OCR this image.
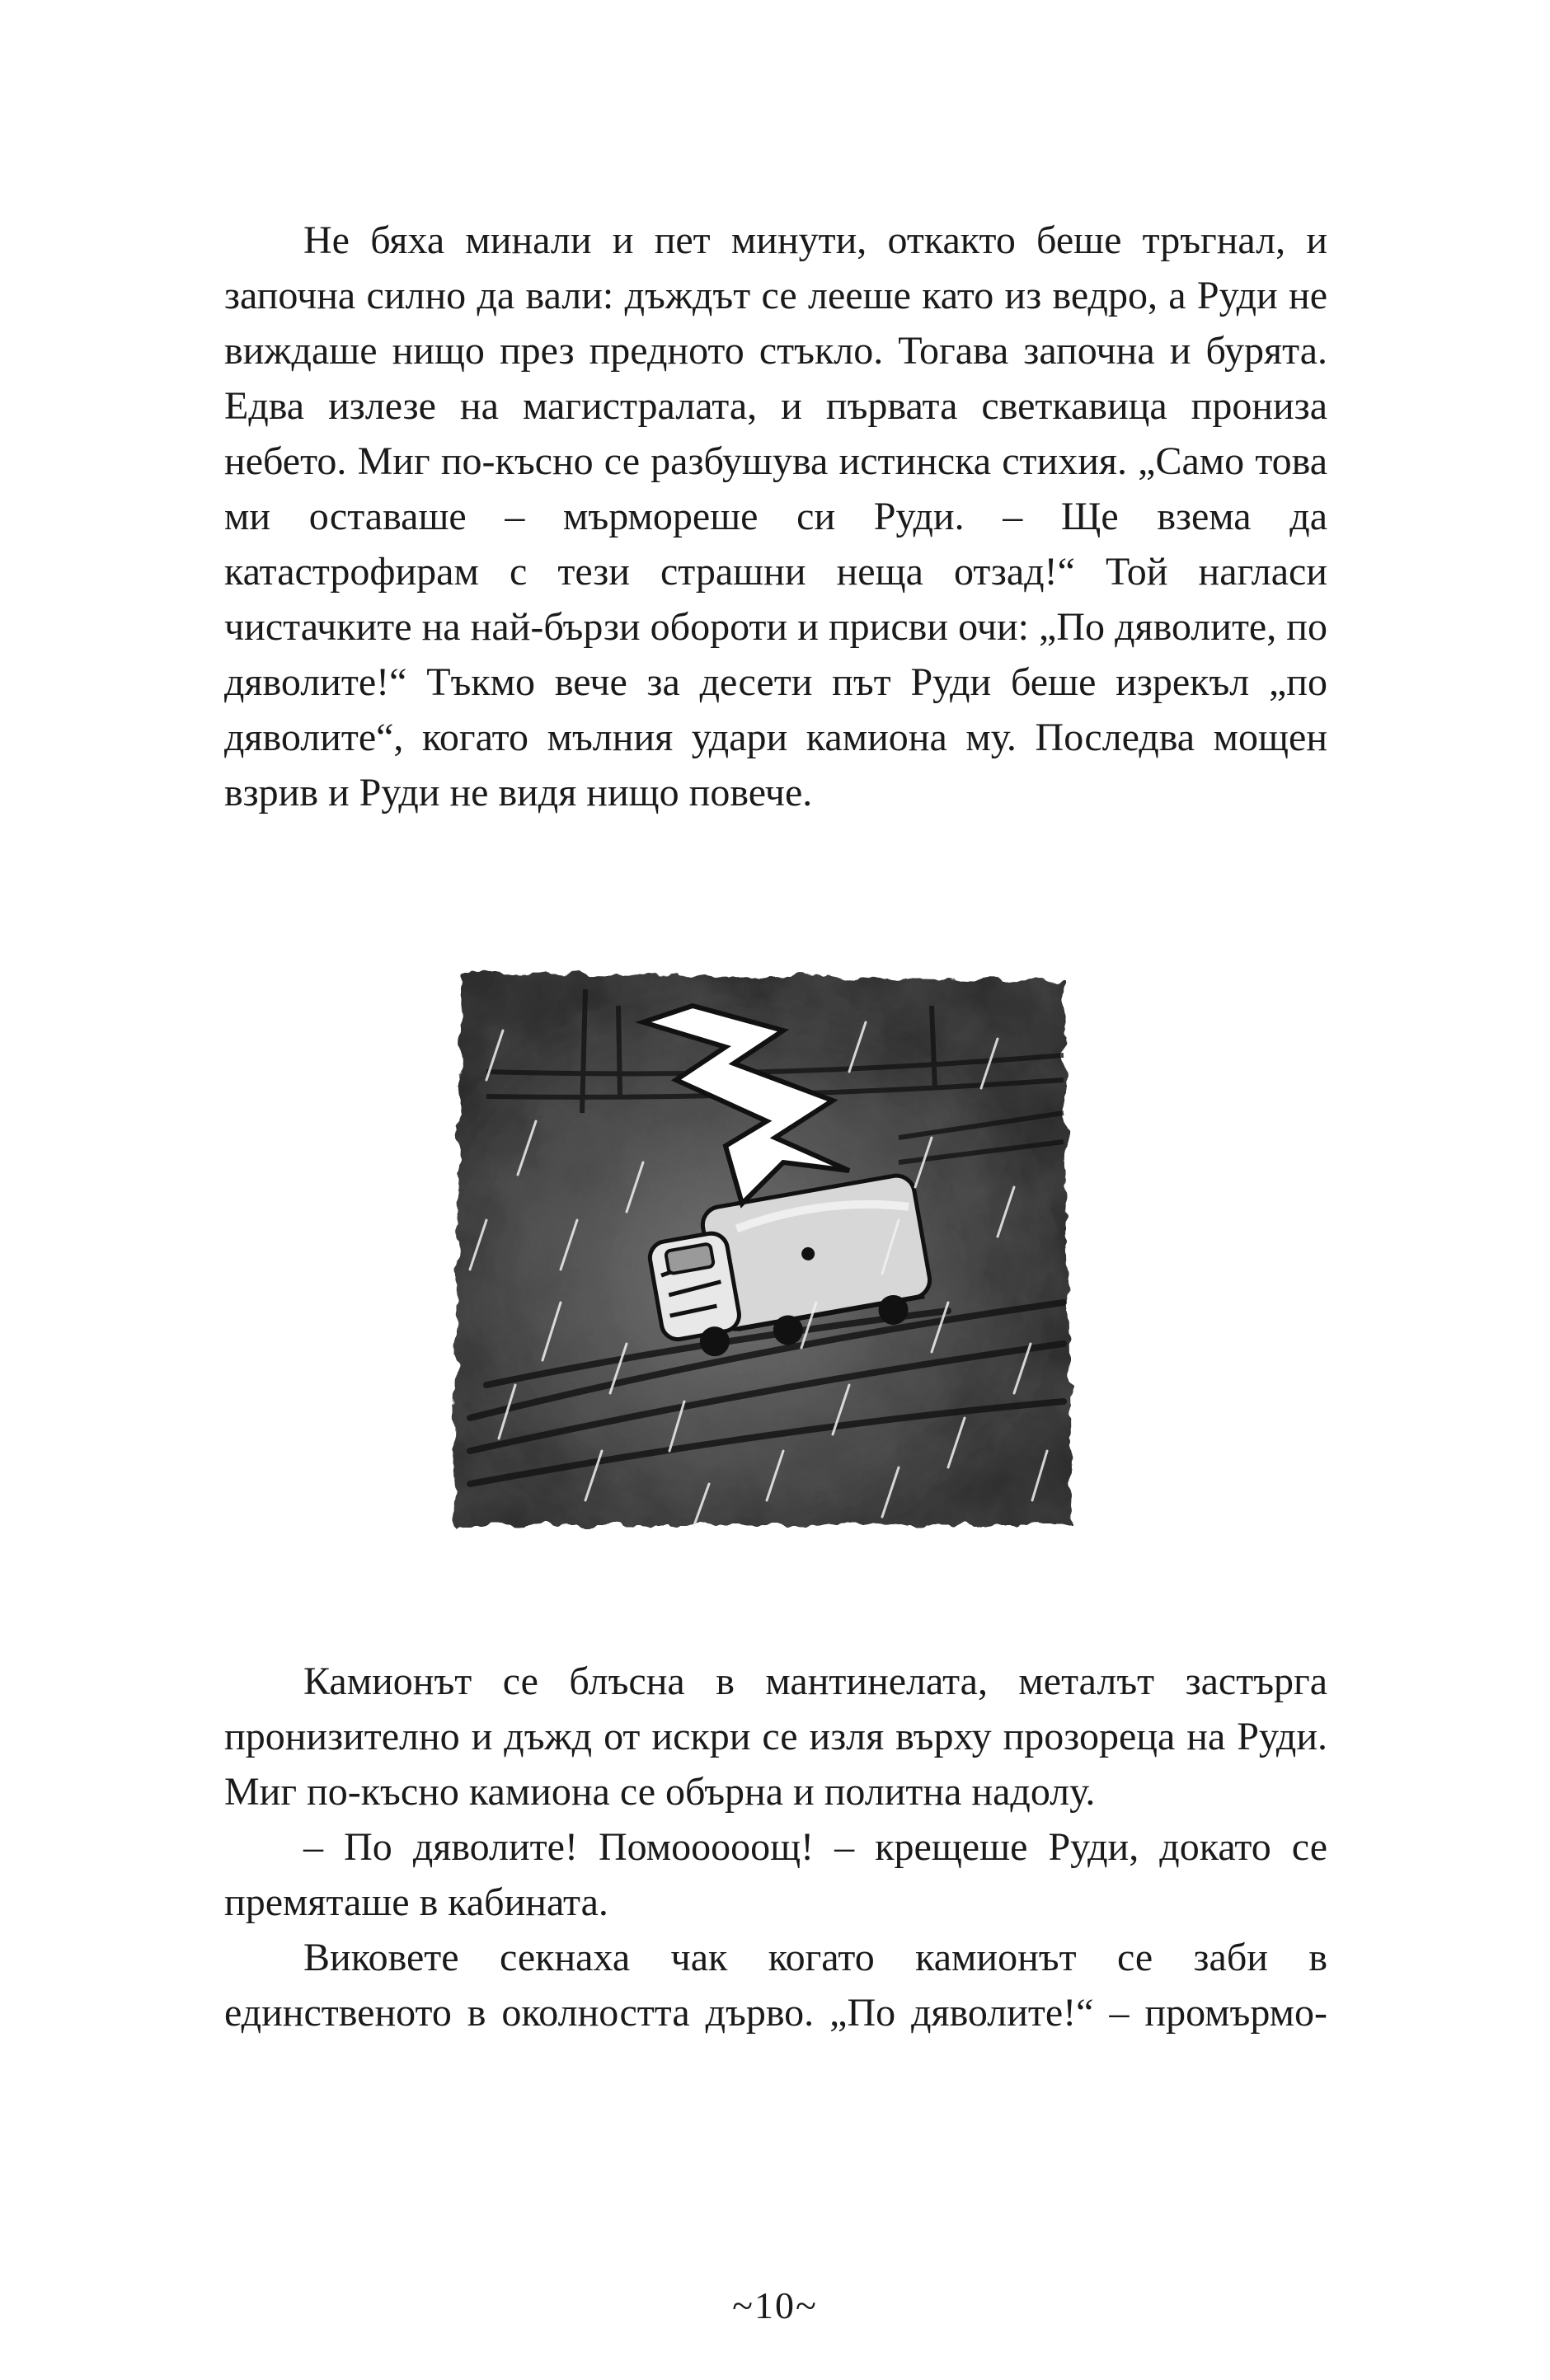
Не бяха минали и пет минути, откакто беше тръгнал, и започна силно да вали: дъждът се лееше като из ведро, а Руди не виждаше нищо през предното стъкло. Тогава започна и бурята. Едва излезе на магистралата, и първата светкавица прониза небето. Миг по-късно се разбушува истинска стихия. „Само това ми оставаше – мърмореше си Руди. – Ще взема да катастрофирам с тези страшни неща отзад!“ Той нагласи чистачките на най-бързи обороти и присви очи: „По дяволите, по дяволите!“ Тъкмо вече за десети път Руди беше изрекъл „по дяволите“, когато мълния удари камиона му. Последва мощен взрив и Руди не видя нищо повече.

Камионът се блъсна в мантинелата, металът застърга пронизително и дъжд от искри се изля върху прозореца на Руди. Миг по-късно камиона се обърна и политна надолу.

– По дяволите! Помооооощ! – крещеше Руди, докато се премяташе в кабината.

Виковете секнаха чак когато камионът се заби в единственото в околността дърво. „По дяволите!“ – промърмо-

~10~
